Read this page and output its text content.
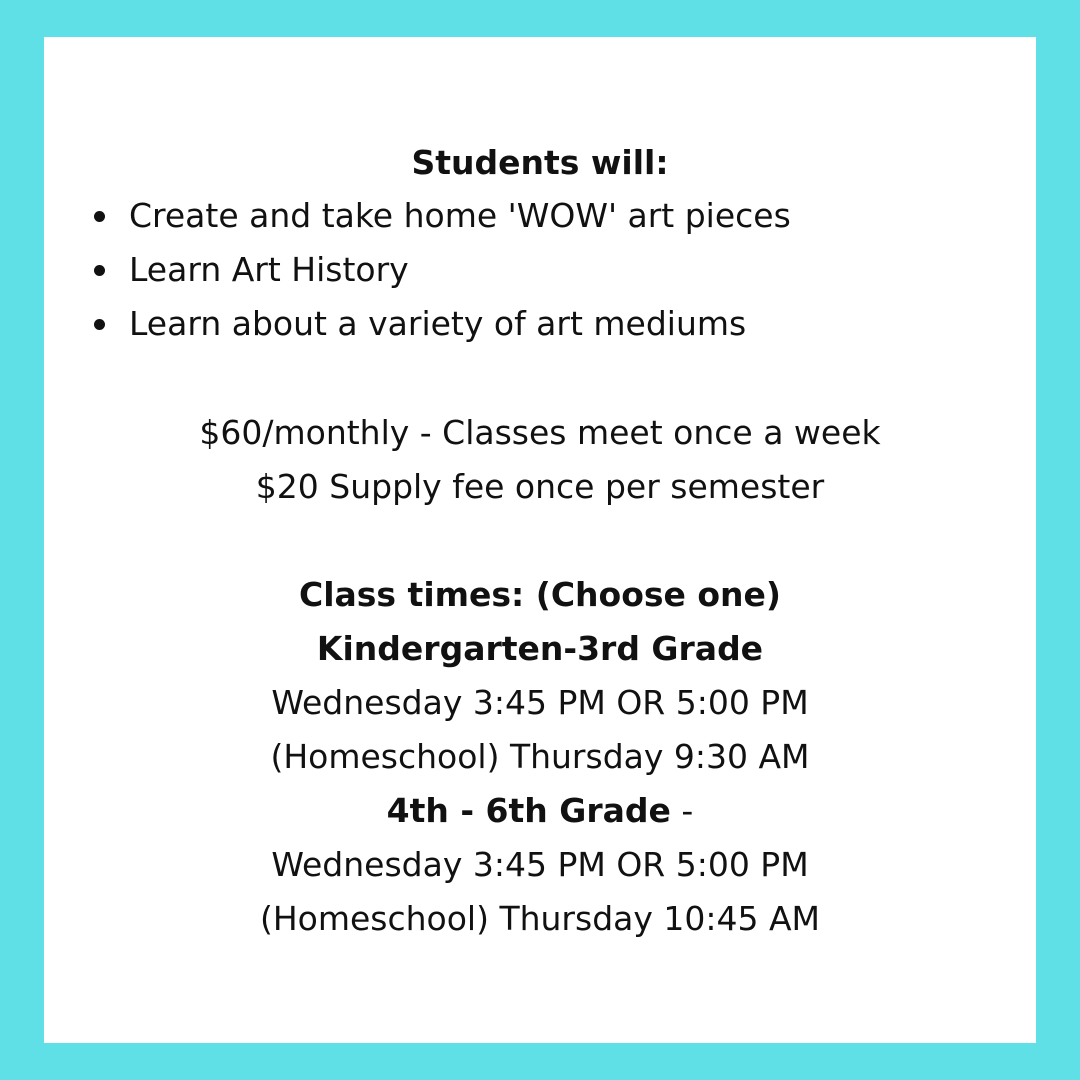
Students will:
Create and take home 'WOW' art pieces
Learn Art History
Learn about a variety of art mediums
$60/monthly - Classes meet once a week
$20 Supply fee once per semester
Class times: (Choose one)
Kindergarten-3rd Grade
Wednesday 3:45 PM OR 5:00 PM
(Homeschool) Thursday 9:30 AM
4th - 6th Grade -
Wednesday 3:45 PM OR 5:00 PM
(Homeschool) Thursday 10:45 AM
